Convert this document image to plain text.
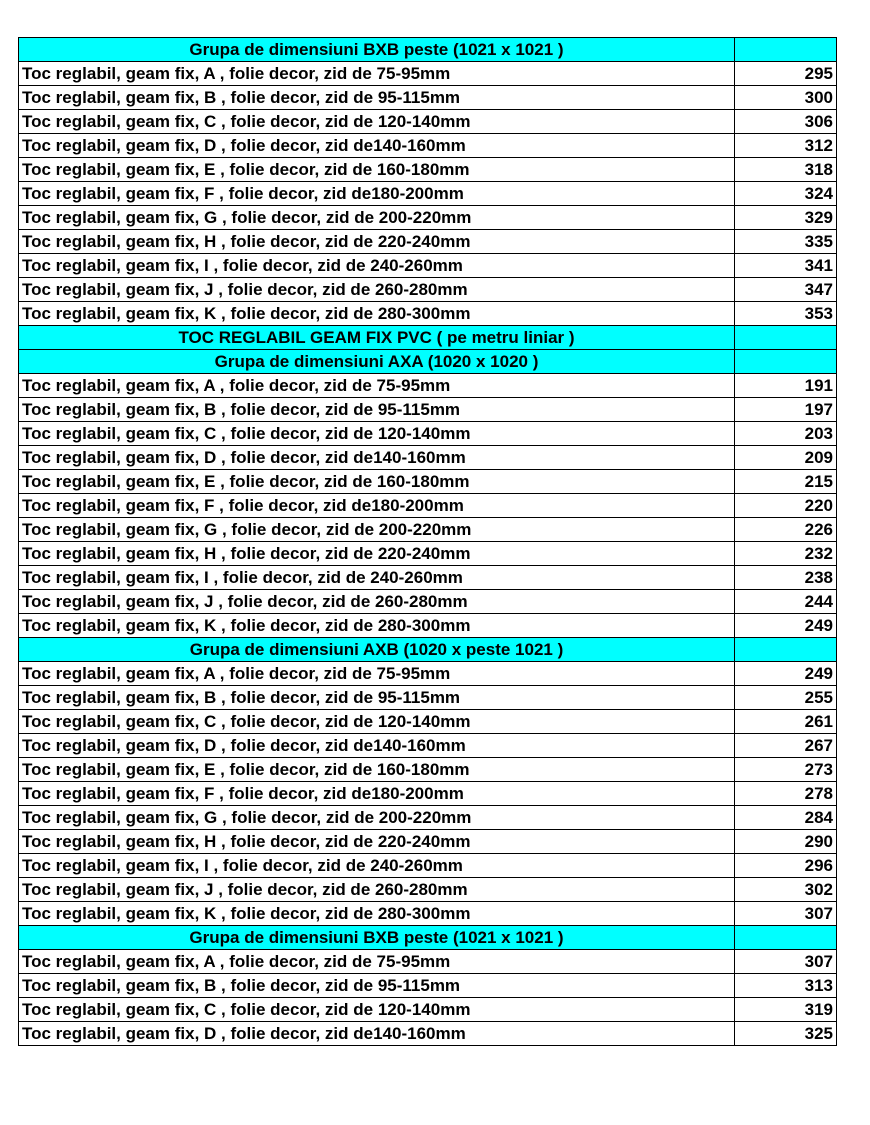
Grupa de dimensiuni BXB peste (1021 x 1021 )	
Toc reglabil, geam fix, A , folie decor, zid de 75-95mm	295
Toc reglabil, geam fix, B , folie decor, zid de 95-115mm	300
Toc reglabil, geam fix, C , folie decor, zid de 120-140mm	306
Toc reglabil, geam fix, D , folie decor, zid de140-160mm	312
Toc reglabil, geam fix, E , folie decor, zid de 160-180mm	318
Toc reglabil, geam fix, F , folie decor, zid de180-200mm	324
Toc reglabil, geam fix, G , folie decor, zid de 200-220mm	329
Toc reglabil, geam fix, H , folie decor, zid de 220-240mm	335
Toc reglabil, geam fix, I , folie decor, zid de 240-260mm	341
Toc reglabil, geam fix, J , folie decor, zid de 260-280mm	347
Toc reglabil, geam fix, K , folie decor, zid de 280-300mm	353
TOC REGLABIL GEAM FIX PVC ( pe metru liniar )	
Grupa de dimensiuni AXA (1020 x 1020 )	
Toc reglabil, geam fix, A , folie decor, zid de 75-95mm	191
Toc reglabil, geam fix, B , folie decor, zid de 95-115mm	197
Toc reglabil, geam fix, C , folie decor, zid de 120-140mm	203
Toc reglabil, geam fix, D , folie decor, zid de140-160mm	209
Toc reglabil, geam fix, E , folie decor, zid de 160-180mm	215
Toc reglabil, geam fix, F , folie decor, zid de180-200mm	220
Toc reglabil, geam fix, G , folie decor, zid de 200-220mm	226
Toc reglabil, geam fix, H , folie decor, zid de 220-240mm	232
Toc reglabil, geam fix, I , folie decor, zid de 240-260mm	238
Toc reglabil, geam fix, J , folie decor, zid de 260-280mm	244
Toc reglabil, geam fix, K , folie decor, zid de 280-300mm	249
Grupa de dimensiuni AXB (1020 x peste 1021 )	
Toc reglabil, geam fix, A , folie decor, zid de 75-95mm	249
Toc reglabil, geam fix, B , folie decor, zid de 95-115mm	255
Toc reglabil, geam fix, C , folie decor, zid de 120-140mm	261
Toc reglabil, geam fix, D , folie decor, zid de140-160mm	267
Toc reglabil, geam fix, E , folie decor, zid de 160-180mm	273
Toc reglabil, geam fix, F , folie decor, zid de180-200mm	278
Toc reglabil, geam fix, G , folie decor, zid de 200-220mm	284
Toc reglabil, geam fix, H , folie decor, zid de 220-240mm	290
Toc reglabil, geam fix, I , folie decor, zid de 240-260mm	296
Toc reglabil, geam fix, J , folie decor, zid de 260-280mm	302
Toc reglabil, geam fix, K , folie decor, zid de 280-300mm	307
Grupa de dimensiuni BXB peste (1021 x 1021 )	
Toc reglabil, geam fix, A , folie decor, zid de 75-95mm	307
Toc reglabil, geam fix, B , folie decor, zid de 95-115mm	313
Toc reglabil, geam fix, C , folie decor, zid de 120-140mm	319
Toc reglabil, geam fix, D , folie decor, zid de140-160mm	325
